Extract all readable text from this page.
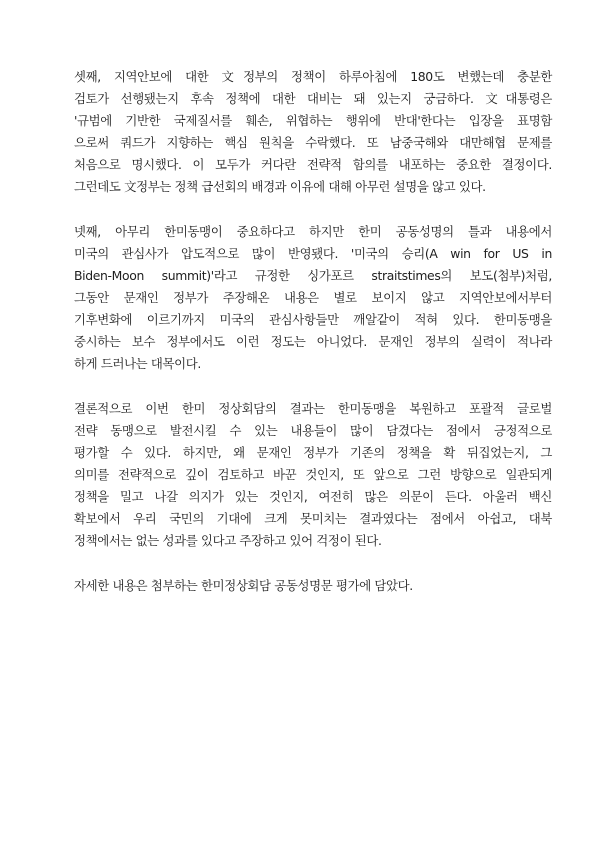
셋째, 지역안보에 대한 文정부의 정책이 하루아침에 180도 변했는데 충분한
검토가 선행됐는지 후속 정책에 대한 대비는 돼 있는지 궁금하다. 文대통령은
'규범에 기반한 국제질서를 훼손, 위협하는 행위에 반대'한다는 입장을 표명함
으로써 쿼드가 지향하는 핵심 원칙을 수락했다. 또 남중국해와 대만해협 문제를
처음으로 명시했다. 이 모두가 커다란 전략적 함의를 내포하는 중요한 결정이다.
그런데도 文정부는 정책 급선회의 배경과 이유에 대해 아무런 설명을 않고 있다.

넷째, 아무리 한미동맹이 중요하다고 하지만 한미 공동성명의 틀과 내용에서
미국의 관심사가 압도적으로 많이 반영됐다. '미국의 승리(A win for US in
Biden-Moon summit)'라고 규정한 싱가포르 straitstimes의 보도(첨부)처럼,
그동안 문재인 정부가 주장해온 내용은 별로 보이지 않고 지역안보에서부터
기후변화에 이르기까지 미국의 관심사항들만 깨알같이 적혀 있다. 한미동맹을
중시하는 보수 정부에서도 이런 정도는 아니었다. 문재인 정부의 실력이 적나라
하게 드러나는 대목이다.

결론적으로 이번 한미 정상회담의 결과는 한미동맹을 복원하고 포괄적 글로벌
전략 동맹으로 발전시킬 수 있는 내용들이 많이 담겼다는 점에서 긍정적으로
평가할 수 있다. 하지만, 왜 문재인 정부가 기존의 정책을 확 뒤집었는지, 그
의미를 전략적으로 깊이 검토하고 바꾼 것인지, 또 앞으로 그런 방향으로 일관되게
정책을 밀고 나갈 의지가 있는 것인지, 여전히 많은 의문이 든다. 아울러 백신
확보에서 우리 국민의 기대에 크게 못미치는 결과였다는 점에서 아쉽고, 대북
정책에서는 없는 성과를 있다고 주장하고 있어 걱정이 된다.

자세한 내용은 첨부하는 한미정상회담 공동성명문 평가에 담았다.
